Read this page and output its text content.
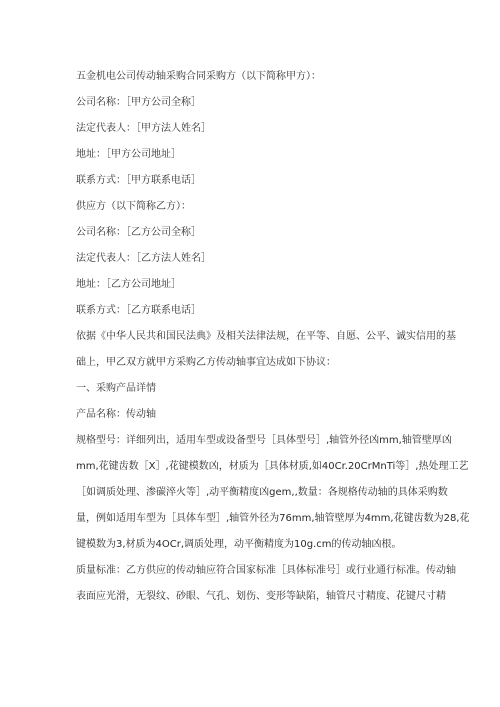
五金机电公司传动轴采购合同采购方（以下简称甲方）：

公司名称：［甲方公司全称］

法定代表人：［甲方法人姓名］

地址：［甲方公司地址］

联系方式：［甲方联系电话］

供应方（以下简称乙方）：

公司名称：［乙方公司全称］

法定代表人：［乙方法人姓名］

地址：［乙方公司地址］

联系方式：［乙方联系电话］

依据《中华人民共和国民法典》及相关法律法规，在平等、自愿、公平、诚实信用的基

础上，甲乙双方就甲方采购乙方传动轴事宜达成如下协议：

一、采购产品详情

产品名称：传动轴

规格型号：详细列出，适用车型或设备型号［具体型号］,轴管外径凶mm,轴管壁厚凶

mm,花键齿数［X］,花键模数凶，材质为［具体材质,如40Cr.20CrMnTi等］,热处理工艺

［如调质处理、渗碳淬火等］,动平衡精度凶gem,,数量：各规格传动轴的具体采购数

量，例如适用车型为［具体车型］,轴管外径为76mm,轴管壁厚为4mm,花键齿数为28,花

键模数为3,材质为4OCr,调质处理，动平衡精度为10g.cm的传动轴凶根。

质量标准：乙方供应的传动轴应符合国家标准［具体标准号］或行业通行标准。传动轴

表面应光滑，无裂纹、砂眼、气孔、划伤、变形等缺陷，轴管尺寸精度、花键尺寸精
